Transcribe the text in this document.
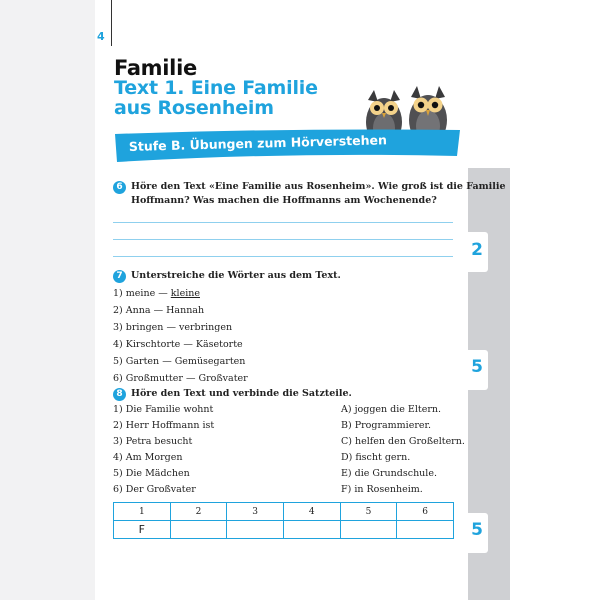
2
5
5
4
Familie
Text 1. Eine Familie
aus Rosenheim
Stufe B. Übungen zum Hörverstehen
6 Höre den Text «Eine Familie aus Rosenheim». Wie groß ist die Familie
Hoffmann? Was machen die Hoffmanns am Wochenende?
7 Unterstreiche die Wörter aus dem Text.
1) meine — kleine
2) Anna — Hannah
3) bringen — verbringen
4) Kirschtorte — Käsetorte
5) Garten — Gemüsegarten
6) Großmutter — Großvater
8 Höre den Text und verbinde die Satzteile.
1) Die Familie wohnt
2) Herr Hoffmann ist
3) Petra besucht
4) Am Morgen
5) Die Mädchen
6) Der Großvater
A) joggen die Eltern.
B) Programmierer.
C) helfen den Großeltern.
D) fischt gern.
E) die Grundschule.
F) in Rosenheim.
1	2	3	4	5	6
F					
